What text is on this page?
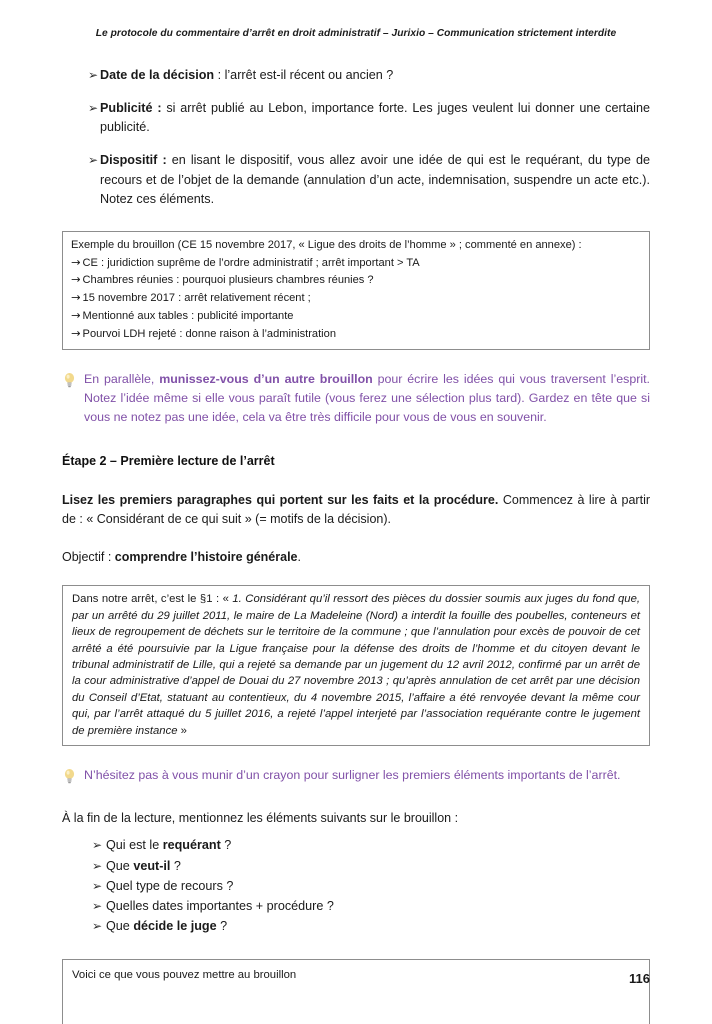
Le protocole du commentaire d’arrêt en droit administratif – Jurixio – Communication strictement interdite
➢ Date de la décision : l’arrêt est-il récent ou ancien ?
➢ Publicité : si arrêt publié au Lebon, importance forte. Les juges veulent lui donner une certaine publicité.
➢ Dispositif : en lisant le dispositif, vous allez avoir une idée de qui est le requérant, du type de recours et de l’objet de la demande (annulation d’un acte, indemnisation, suspendre un acte etc.). Notez ces éléments.
Exemple du brouillon (CE 15 novembre 2017, « Ligue des droits de l’homme » ; commenté en annexe) :
→ CE : juridiction suprême de l’ordre administratif ; arrêt important > TA
→ Chambres réunies : pourquoi plusieurs chambres réunies ?
→ 15 novembre 2017 : arrêt relativement récent ;
→ Mentionné aux tables : publicité importante
→ Pourvoi LDH rejeté : donne raison à l’administration
En parallèle, munissez-vous d’un autre brouillon pour écrire les idées qui vous traversent l’esprit. Notez l’idée même si elle vous paraît futile (vous ferez une sélection plus tard). Gardez en tête que si vous ne notez pas une idée, cela va être très difficile pour vous de vous en souvenir.
Étape 2 – Première lecture de l’arrêt
Lisez les premiers paragraphes qui portent sur les faits et la procédure. Commencez à lire à partir de : « Considérant de ce qui suit » (= motifs de la décision).
Objectif : comprendre l’histoire générale.
Dans notre arrêt, c’est le §1 : « 1. Considérant qu’il ressort des pièces du dossier soumis aux juges du fond que, par un arrêté du 29 juillet 2011, le maire de La Madeleine (Nord) a interdit la fouille des poubelles, conteneurs et lieux de regroupement de déchets sur le territoire de la commune ; que l’annulation pour excès de pouvoir de cet arrêté a été poursuivie par la Ligue française pour la défense des droits de l’homme et du citoyen devant le tribunal administratif de Lille, qui a rejeté sa demande par un jugement du 12 avril 2012, confirmé par un arrêt de la cour administrative d’appel de Douai du 27 novembre 2013 ; qu’après annulation de cet arrêt par une décision du Conseil d’Etat, statuant au contentieux, du 4 novembre 2015, l’affaire a été renvoyée devant la même cour qui, par l’arrêt attaqué du 5 juillet 2016, a rejeté l’appel interjeté par l’association requérante contre le jugement de première instance »
N’hésitez pas à vous munir d’un crayon pour surligner les premiers éléments importants de l’arrêt.
À la fin de la lecture, mentionnez les éléments suivants sur le brouillon :
➢ Qui est le requérant ?
➢ Que veut-il ?
➢ Quel type de recours ?
➢ Quelles dates importantes + procédure ?
➢ Que décide le juge ?
Voici ce que vous pouvez mettre au brouillon	116
